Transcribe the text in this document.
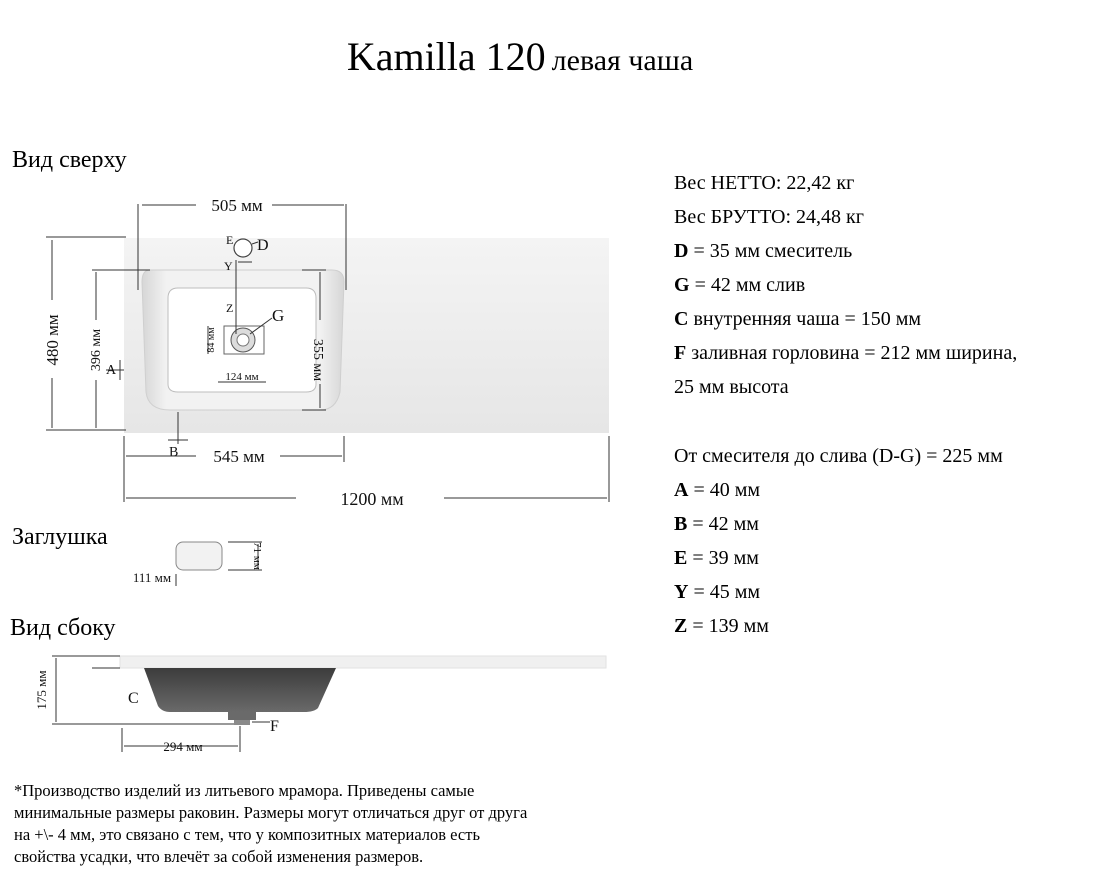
Kamilla 120 левая чаша
Вид сверху
Заглушка
Вид сбоку
505 мм
480 мм 396 мм A
B
355 мм
84 мм
124 мм
Z
Y
E D
G
545 мм
1200 мм
71 мм
111 мм
175 мм	C
F
294 мм
Вес НЕТТО: 22,42 кг
Вес БРУТТО: 24,48 кг
D = 35 мм смеситель
G = 42 мм слив
C внутренняя чаша = 150 мм
F заливная горловина = 212 мм ширина,
25 мм высота
От смесителя до слива (D-G) = 225 мм
A = 40 мм
B = 42 мм
E = 39 мм
Y = 45 мм
Z = 139 мм
*Производство изделий из литьевого мрамора. Приведены самые
минимальные размеры раковин. Размеры могут отличаться друг от друга
на +\- 4 мм, это связано с тем, что у композитных материалов есть
свойства усадки, что влечёт за собой изменения размеров.
